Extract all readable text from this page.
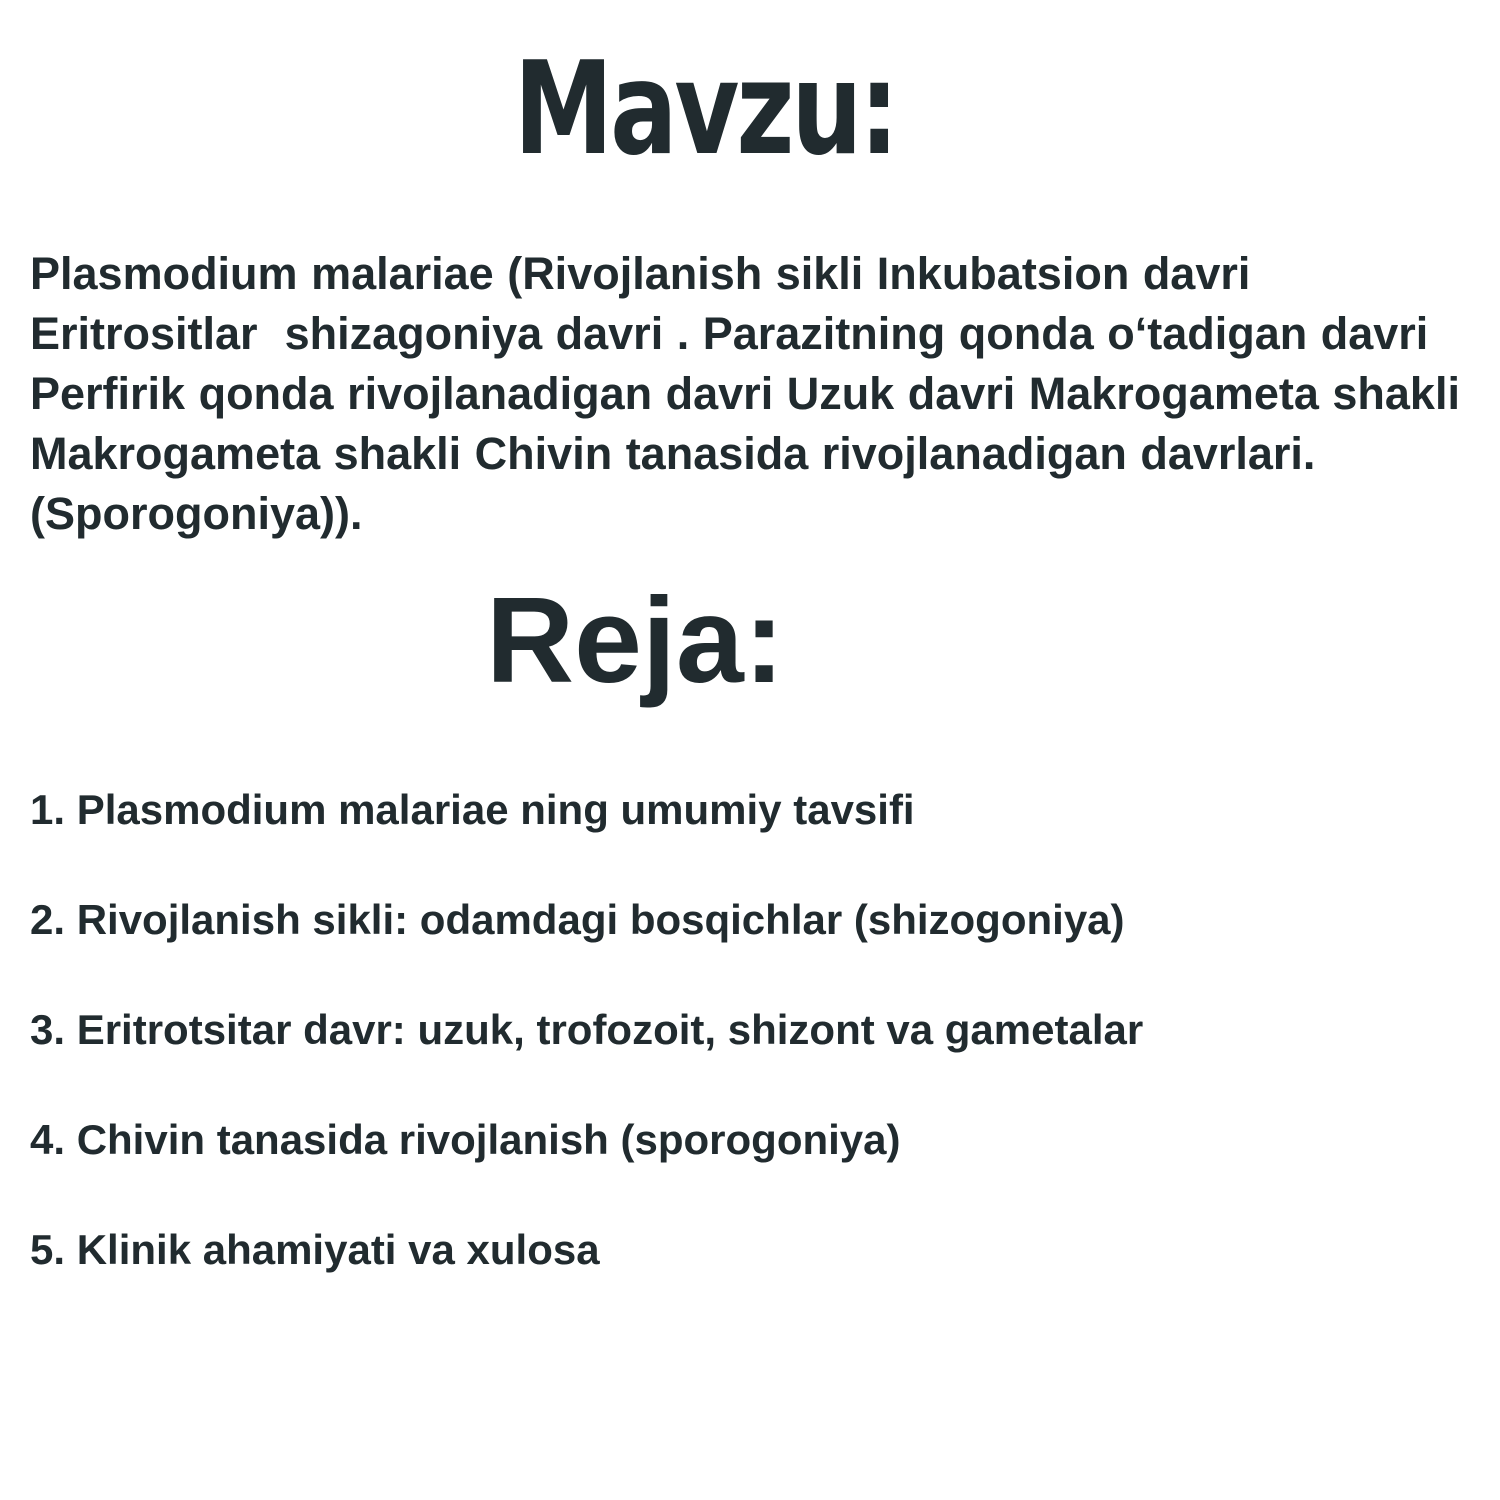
Mavzu:

Plasmodium malariae (Rivojlanish sikli Inkubatsion davri Eritrositlar  shizagoniya davri . Parazitning qonda o‘tadigan davri Perfirik qonda rivojlanadigan davri Uzuk davri Makrogameta shakli Makrogameta shakli Chivin tanasida rivojlanadigan davrlari. (Sporogoniya)).

Reja:
1. Plasmodium malariae ning umumiy tavsifi
2. Rivojlanish sikli: odamdagi bosqichlar (shizogoniya)
3. Eritrotsitar davr: uzuk, trofozoit, shizont va gametalar
4. Chivin tanasida rivojlanish (sporogoniya)
5. Klinik ahamiyati va xulosa
